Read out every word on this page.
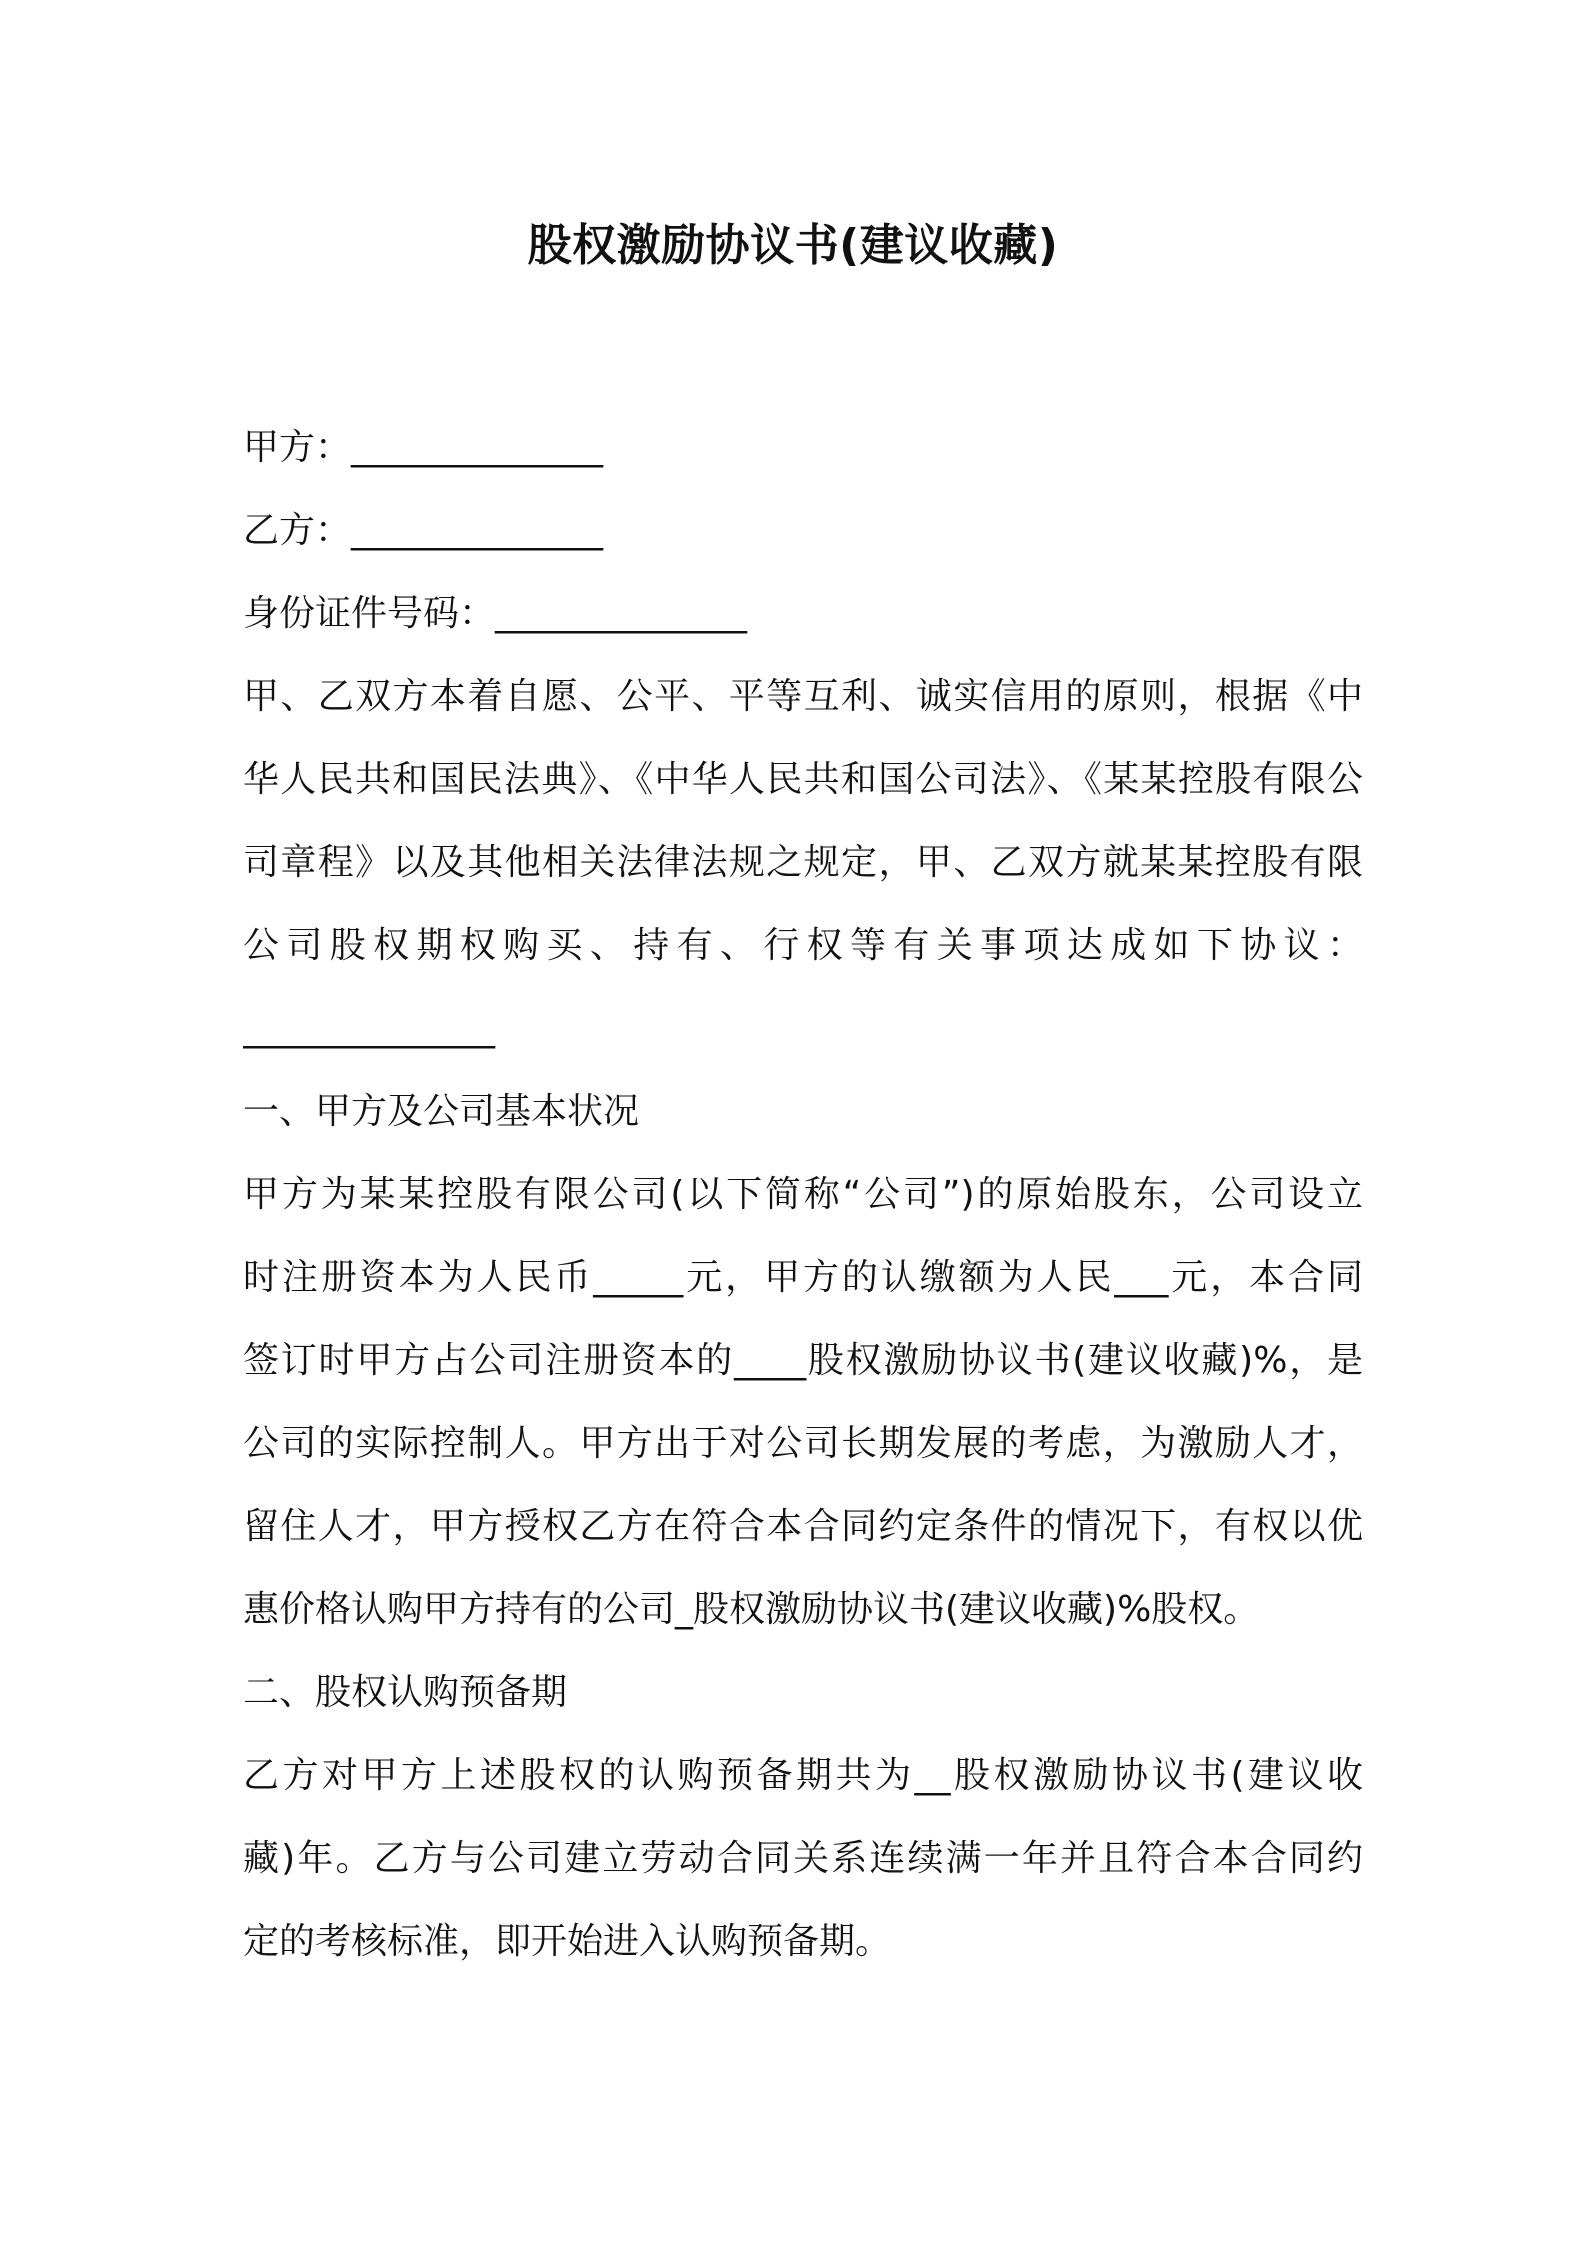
股权激励协议书(建议收藏)
甲方：______________
乙方：______________
身份证件号码：______________
甲、乙双方本着自愿、公平、平等互利、诚实信用的原则，根据《中
华人民共和国民法典》、《中华人民共和国公司法》、《某某控股有限公
司章程》以及其他相关法律法规之规定，甲、乙双方就某某控股有限
公司股权期权购买、持有、行权等有关事项达成如下协议：
______________
一、甲方及公司基本状况
甲方为某某控股有限公司(以下简称“公司”)的原始股东，公司设立
时注册资本为人民币_____元，甲方的认缴额为人民___元，本合同
签订时甲方占公司注册资本的____股权激励协议书(建议收藏)%，是
公司的实际控制人。甲方出于对公司长期发展的考虑，为激励人才，
留住人才，甲方授权乙方在符合本合同约定条件的情况下，有权以优
惠价格认购甲方持有的公司_股权激励协议书(建议收藏)%股权。
二、股权认购预备期
乙方对甲方上述股权的认购预备期共为__股权激励协议书(建议收
藏)年。乙方与公司建立劳动合同关系连续满一年并且符合本合同约
定的考核标准，即开始进入认购预备期。
